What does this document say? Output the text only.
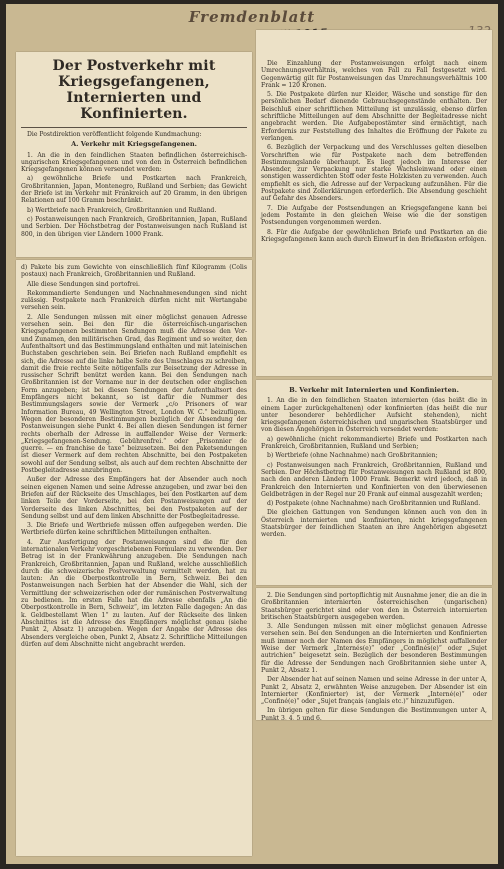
Fremdenblatt
Der Postverkehr mit Kriegsgefangenen, Internierten und Konfinierten.

Die Postdirektion veröffentlicht folgende Kundmachung:

A. Verkehr mit Kriegsgefangenen.

1. An die in den feindlichen Staaten befindlichen österreichisch-ungarischen Kriegsgefangenen und von den in Österreich befindlichen Kriegsgefangenen können versendet werden:

a) gewöhnliche Briefe und Postkarten nach Frankreich, Großbritannien, Japan, Montenegro, Rußland und Serbien; das Gewicht der Briefe ist im Verkehr mit Frankreich auf 20 Gramm, in den übrigen Relationen auf 100 Gramm beschränkt.

b) Wertbriefe nach Frankreich, Großbritannien und Rußland.

c) Postanweisungen nach Frankreich, Großbritannien, Japan, Rußland und Serbien. Der Höchstbetrag der Postanweisungen nach Rußland ist 800, in den übrigen vier Ländern 1000 Frank.

d) Pakete bis zum Gewichte von einschließlich fünf Kilogramm (Colis postaux) nach Frankreich, Großbritannien und Rußland.

Alle diese Sendungen sind portofrei.

Rekommandierte Sendungen und Nachnahmesendungen sind nicht zulässig. Postpakete nach Frankreich dürfen nicht mit Wertangabe versehen sein.

2. Alle Sendungen müssen mit einer möglichst genauen Adresse versehen sein. Bei den für die österreichisch-ungarischen Kriegsgefangenen bestimmten Sendungen muß die Adresse den Vor- und Zunamen, den militärischen Grad, das Regiment und so weiter, den Aufenthaltsort und das Bestimmungsland enthalten und mit lateinischen Buchstaben geschrieben sein. Bei Briefen nach Rußland empfiehlt es sich, die Adresse auf die linke halbe Seite des Umschlages zu schreiben, damit die freie rechte Seite nötigenfalls zur Beisetzung der Adresse in russischer Schrift benützt werden kann. Bei den Sendungen nach Großbritannien ist der Vorname nur in der deutschen oder englischen Form anzugeben; ist bei diesen Sendungen der Aufenthaltsort des Empfängers nicht bekannt, so ist dafür die Nummer des Bestimmungslagers sowie der Vermerk „c/o Prisoners of war Information Bureau, 49 Wellington Street, London W. C.“ beizufügen. Wegen der besonderen Bestimmungen bezüglich der Absendung der Postanweisungen siehe Punkt 4. Bei allen diesen Sendungen ist ferner rechts oberhalb der Adresse in auffallender Weise der Vermerk: „Kriegsgefangenen-Sendung. Gebührenfrei.“ oder „Prisonnier de guerre. — en franchise de taxe“ beizusetzen. Bei den Paketsendungen ist dieser Vermerk auf dem rechten Abschnitte, bei den Postpaketen sowohl auf der Sendung selbst, als auch auf dem rechten Abschnitte der Postbegleitadresse anzubringen.

Außer der Adresse des Empfängers hat der Absender auch noch seinen eigenen Namen und seine Adresse anzugeben, und zwar bei den Briefen auf der Rückseite des Umschlages, bei den Postkarten auf dem linken Teile der Vorderseite, bei den Postanweisungen auf der Vorderseite des linken Abschnittes, bei den Postpaketen auf der Sendung selbst und auf dem linken Abschnitte der Postbegleitadresse.

3. Die Briefe und Wertbriefe müssen offen aufgegeben werden. Die Wertbriefe dürfen keine schriftlichen Mitteilungen enthalten.

4. Zur Ausfertigung der Postanweisungen sind die für den internationalen Verkehr vorgeschriebenen Formulare zu verwenden. Der Betrag ist in der Frankwährung anzugeben. Die Sendungen nach Frankreich, Großbritannien, Japan und Rußland, welche ausschließlich durch die schweizerische Postverwaltung vermittelt werden, hat zu lauten: An die Oberpostkontrolle in Bern, Schweiz. Bei den Postanweisungen nach Serbien hat der Absender die Wahl, sich der Vermittlung der schweizerischen oder der rumänischen Postverwaltung zu bedienen. Im ersten Falle hat die Adresse ebenfalls „An die Oberpostkontrolle in Bern, Schweiz“, im letzten Falle dagegen: An das k. Geldbestellamt Wien 1“ zu lauten. Auf der Rückseite des linken Abschnittes ist die Adresse des Empfängers möglichst genau (siehe Punkt 2, Absatz 1) anzugeben. Wegen der Angabe der Adresse des Absenders vergleiche oben, Punkt 2, Absatz 2. Schriftliche Mitteilungen dürfen auf dem Abschnitte nicht angebracht werden.

Die Einzahlung der Postanweisungen erfolgt nach einem Umrechnungsverhältnis, welches von Fall zu Fall festgesetzt wird. Gegenwärtig gilt für Postanweisungen das Umrechnungsverhältnis 100 Frank = 120 Kronen.

5. Die Postpakete dürfen nur Kleider, Wäsche und sonstige für den persönlichen Bedarf dienende Gebrauchsgegenstände enthalten. Der Beischluß einer schriftlichen Mitteilung ist unzulässig, ebenso dürfen schriftliche Mitteilungen auf dem Abschnitte der Begleitadresse nicht angebracht werden. Die Aufgabepostämter sind ermächtigt, nach Erfordernis zur Feststellung des Inhaltes die Eröffnung der Pakete zu verlangen.

6. Bezüglich der Verpackung und des Verschlusses gelten dieselben Vorschriften wie für Postpakete nach dem betreffenden Bestimmungslande überhaupt. Es liegt jedoch im Interesse der Absender, zur Verpackung nur starke Wachsleinwand oder einen sonstigen wasserdichten Stoff oder feste Holzkisten zu verwenden. Auch empfiehlt es sich, die Adresse auf der Verpackung aufzunähen. Für die Postpakete sind Zollerklärungen erforderlich. Die Absendung geschieht auf Gefahr des Absenders.

7. Die Aufgabe der Postsendungen an Kriegsgefangene kann bei jedem Postamte in den gleichen Weise wie die der sonstigen Postsendungen vorgenommen werden.

8. Für die Aufgabe der gewöhnlichen Briefe und Postkarten an die Kriegsgefangenen kann auch durch Einwurf in den Briefkasten erfolgen.

B. Verkehr mit Internierten und Konfinierten.

1. An die in den feindlichen Staaten internierten (das heißt die in einem Lager zurückgehaltenen) oder konfinierten (das heißt die nur unter besonderer behördlicher Aufsicht stehenden), nicht kriegsgefangenen österreichischen und ungarischen Staatsbürger und von diesen Angehörigen in Österreich versendet werden:

a) gewöhnliche (nicht rekommandierte) Briefe und Postkarten nach Frankreich, Großbritannien, Rußland und Serbien;

b) Wertbriefe (ohne Nachnahme) nach Großbritannien;

c) Postanweisungen nach Frankreich, Großbritannien, Rußland und Serbien. Der Höchstbetrag für Postanweisungen nach Rußland ist 800, nach den anderen Ländern 1000 Frank. Bemerkt wird jedoch, daß in Frankreich den Internierten und Konfinierten von den überwiesenen Geldbeträgen in der Regel nur 20 Frank auf einmal ausgezahlt werden;

d) Postpakete (ohne Nachnahme) nach Großbritannien und Rußland.

Die gleichen Gattungen von Sendungen können auch von den in Österreich internierten und konfinierten, nicht kriegsgefangenen Staatsbürger der feindlichen Staaten an ihre Angehörigen abgesetzt werden.

2. Die Sendungen sind portopflichtig mit Ausnahme jener, die an die in Großbritannien internierten österreichischen (ungarischen) Staatsbürger gerichtet sind oder von den in Österreich internierten britischen Staatsbürgern ausgegeben werden.

3. Alle Sendungen müssen mit einer möglichst genauen Adresse versehen sein. Bei den Sendungen an die Internierten und Konfinierten muß immer noch der Namen des Empfängers in möglichst auffallender Weise der Vermerk „Internés(e)“ oder „Confinés(e)“ oder „Sujet autrichien“ beigesetzt sein. Bezüglich der besonderen Bestimmungen für die Adresse der Sendungen nach Großbritannien siehe unter A, Punkt 2, Absatz 1.

Der Absender hat auf seinen Namen und seine Adresse in der unter A, Punkt 2, Absatz 2, erwähnten Weise anzugeben. Der Absender ist ein Internierter (Konfinierter) ist, der Vermerk „Interné(e)“ oder „Confiné(e)“ oder „Sujet français (anglais etc.)“ hinzuzufügen.

Im übrigen gelten für diese Sendungen die Bestimmungen unter A, Punkt 3, 4, 5 und 6.
